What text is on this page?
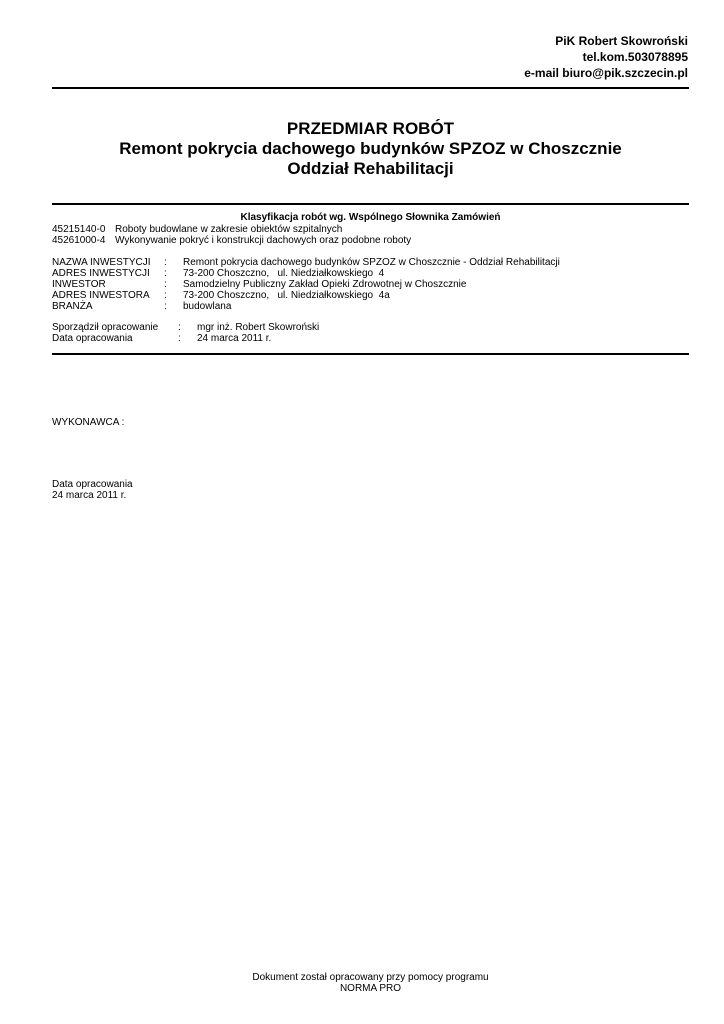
PiK Robert Skowroński
tel.kom.503078895
e-mail biuro@pik.szczecin.pl
PRZEDMIAR ROBÓT
Remont pokrycia dachowego budynków SPZOZ w Choszcznie
Oddział Rehabilitacji
Klasyfikacja robót wg. Wspólnego Słownika Zamówień
45215140-0 Roboty budowlane w zakresie obiektów szpitalnych
45261000-4 Wykonywanie pokryć i konstrukcji dachowych oraz podobne roboty
NAZWA INWESTYCJI : Remont pokrycia dachowego budynków SPZOZ w Choszcznie - Oddział Rehabilitacji
ADRES INWESTYCJI : 73-200 Choszczno,   ul. Niedziałkowskiego  4
INWESTOR	: Samodzielny Publiczny Zakład Opieki Zdrowotnej w Choszcznie
ADRES INWESTORA : 73-200 Choszczno,   ul. Niedziałkowskiego  4a
BRANŻA	: budowlana
Sporządził opracowanie : mgr inż. Robert Skowroński
Data opracowania	: 24 marca 2011 r.
WYKONAWCA :
Data opracowania
24 marca 2011 r.
Dokument został opracowany przy pomocy programu
NORMA PRO
